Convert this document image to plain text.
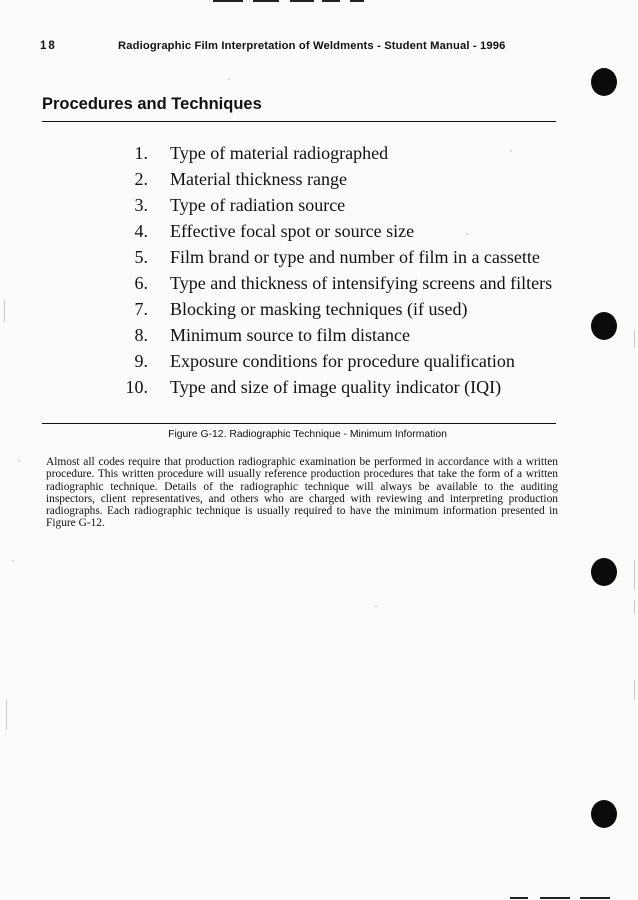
18	Radiographic Film Interpretation of Weldments - Student Manual - 1996
Procedures and Techniques
1. Type of material radiographed
2. Material thickness range
3. Type of radiation source
4. Effective focal spot or source size
5. Film brand or type and number of film in a cassette
6. Type and thickness of intensifying screens and filters
7. Blocking or masking techniques (if used)
8. Minimum source to film distance
9. Exposure conditions for procedure qualification
10. Type and size of image quality indicator (IQI)
Figure G-12. Radiographic Technique - Minimum Information

Almost all codes require that production radiographic examination be performed in accordance with a written procedure. This written procedure will usually reference production procedures that take the form of a written radiographic technique. Details of the radiographic technique will always be available to the auditing inspectors, client representatives, and others who are charged with reviewing and interpreting production radiographs. Each radiographic technique is usually required to have the minimum information presented in Figure G-12.
